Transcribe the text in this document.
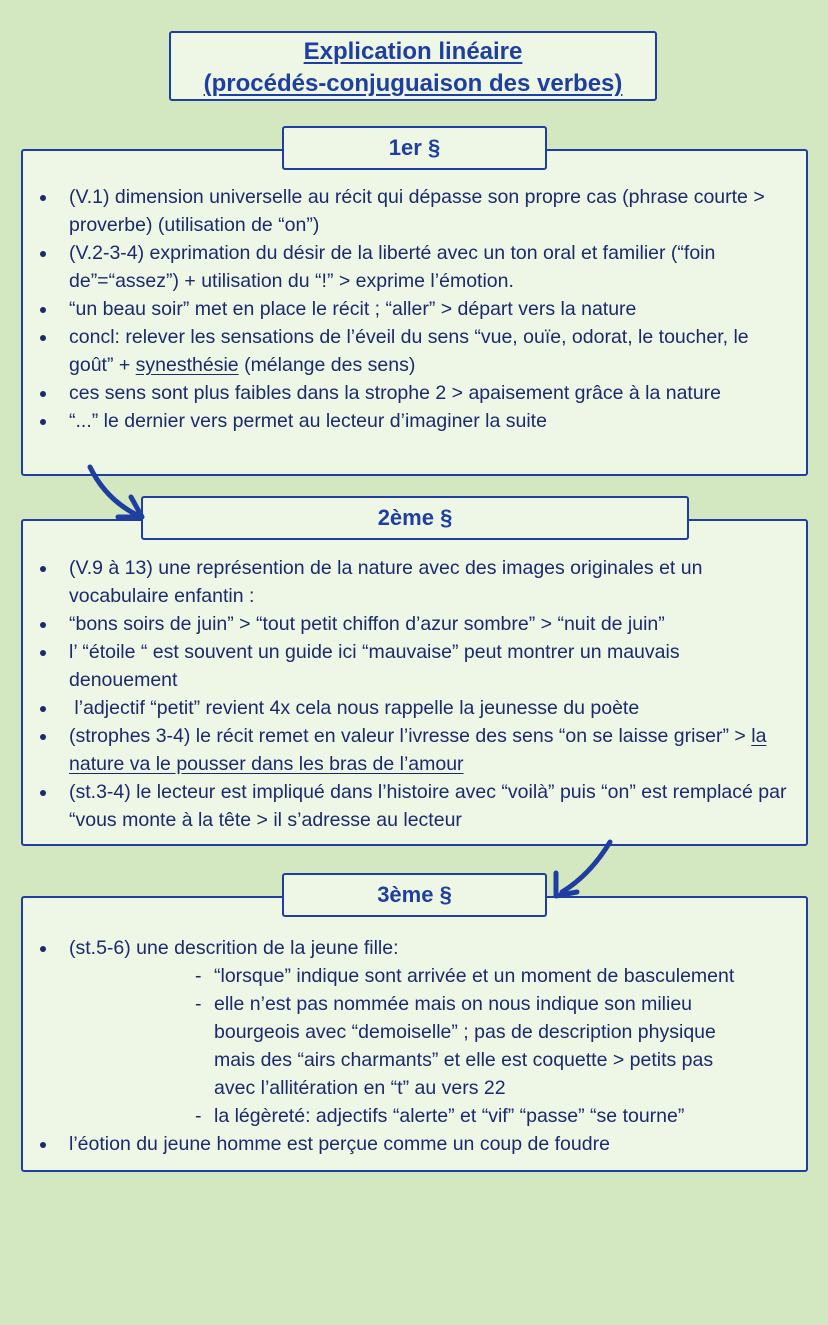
Explication linéaire
(procédés-conjuguaison des verbes)
(V.1) dimension universelle au récit qui dépasse son propre cas (phrase courte > proverbe) (utilisation de “on”)
(V.2-3-4) exprimation du désir de la liberté avec un ton oral et familier (“foin de”=“assez”) + utilisation du “!” > exprime l’émotion.
“un beau soir” met en place le récit ; “aller” > départ vers la nature
concl: relever les sensations de l’éveil du sens “vue, ouïe, odorat, le toucher, le goût” + synesthésie (mélange des sens)
ces sens sont plus faibles dans la strophe 2 > apaisement grâce à la nature
“...” le dernier vers permet au lecteur d’imaginer la suite
1er §
(V.9 à 13) une représention de la nature avec des images originales et un vocabulaire enfantin :
“bons soirs de juin” > “tout petit chiffon d’azur sombre” > “nuit de juin”
l’ “étoile “ est souvent un guide ici “mauvaise” peut montrer un mauvais denouement
l’adjectif “petit” revient 4x cela nous rappelle la jeunesse du poète
(strophes 3-4) le récit remet en valeur l’ivresse des sens “on se laisse griser” > la nature va le pousser dans les bras de l’amour
(st.3-4) le lecteur est impliqué dans l’histoire avec “voilà” puis “on” est remplacé par “vous monte à la tête > il s’adresse au lecteur
2ème §
(st.5-6) une descrition de la jeune fille:
- “lorsque” indique sont arrivée et un moment de basculement
- elle n’est pas nommée mais on nous indique son milieu
bourgeois avec “demoiselle” ; pas de description physique
mais des “airs charmants” et elle est coquette > petits pas
avec l’allitération en “t” au vers 22
- la légèreté: adjectifs “alerte” et “vif” “passe” “se tourne”
l’éotion du jeune homme est perçue comme un coup de foudre
3ème §
